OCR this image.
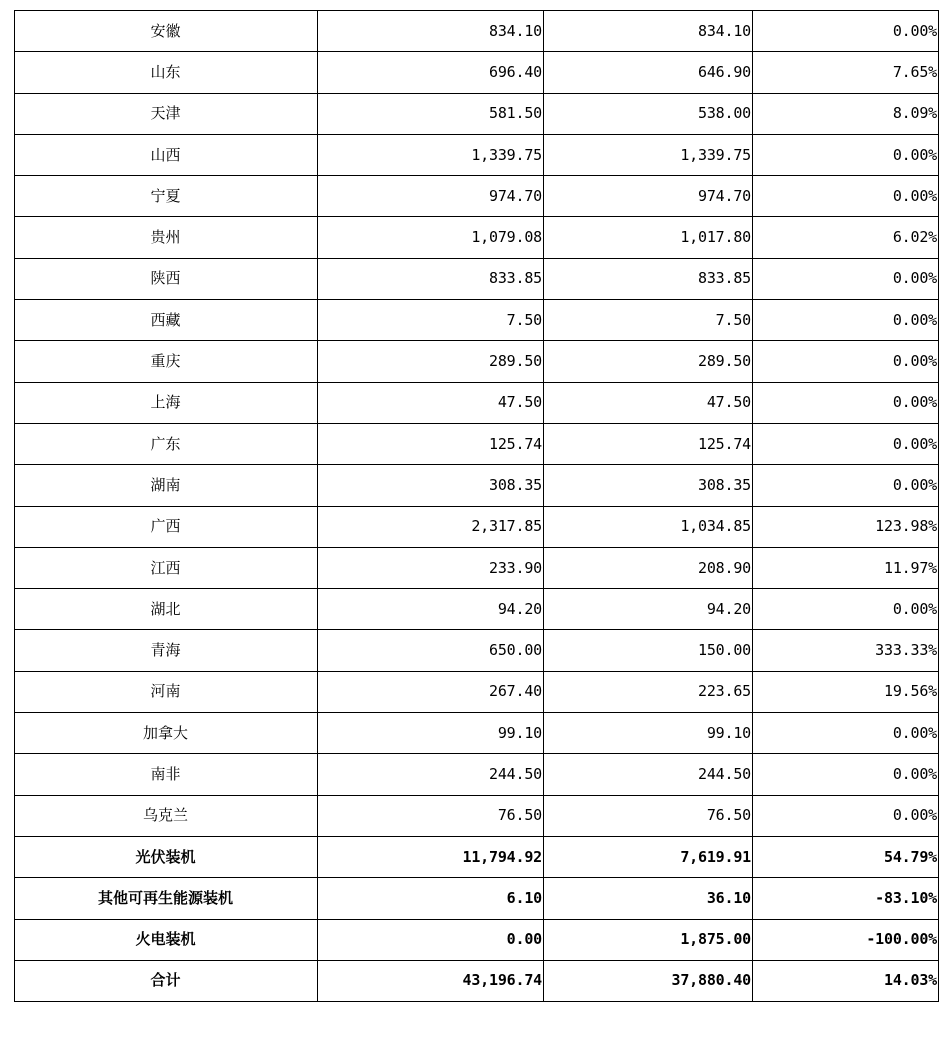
安徽	834.10	834.10	0.00%
山东	696.40	646.90	7.65%
天津	581.50	538.00	8.09%
山西	1,339.75	1,339.75	0.00%
宁夏	974.70	974.70	0.00%
贵州	1,079.08	1,017.80	6.02%
陕西	833.85	833.85	0.00%
西藏	7.50	7.50	0.00%
重庆	289.50	289.50	0.00%
上海	47.50	47.50	0.00%
广东	125.74	125.74	0.00%
湖南	308.35	308.35	0.00%
广西	2,317.85	1,034.85	123.98%
江西	233.90	208.90	11.97%
湖北	94.20	94.20	0.00%
青海	650.00	150.00	333.33%
河南	267.40	223.65	19.56%
加拿大	99.10	99.10	0.00%
南非	244.50	244.50	0.00%
乌克兰	76.50	76.50	0.00%
光伏装机	11,794.92	7,619.91	54.79%
其他可再生能源装机	6.10	36.10	-83.10%
火电装机	0.00	1,875.00	-100.00%
合计	43,196.74	37,880.40	14.03%
